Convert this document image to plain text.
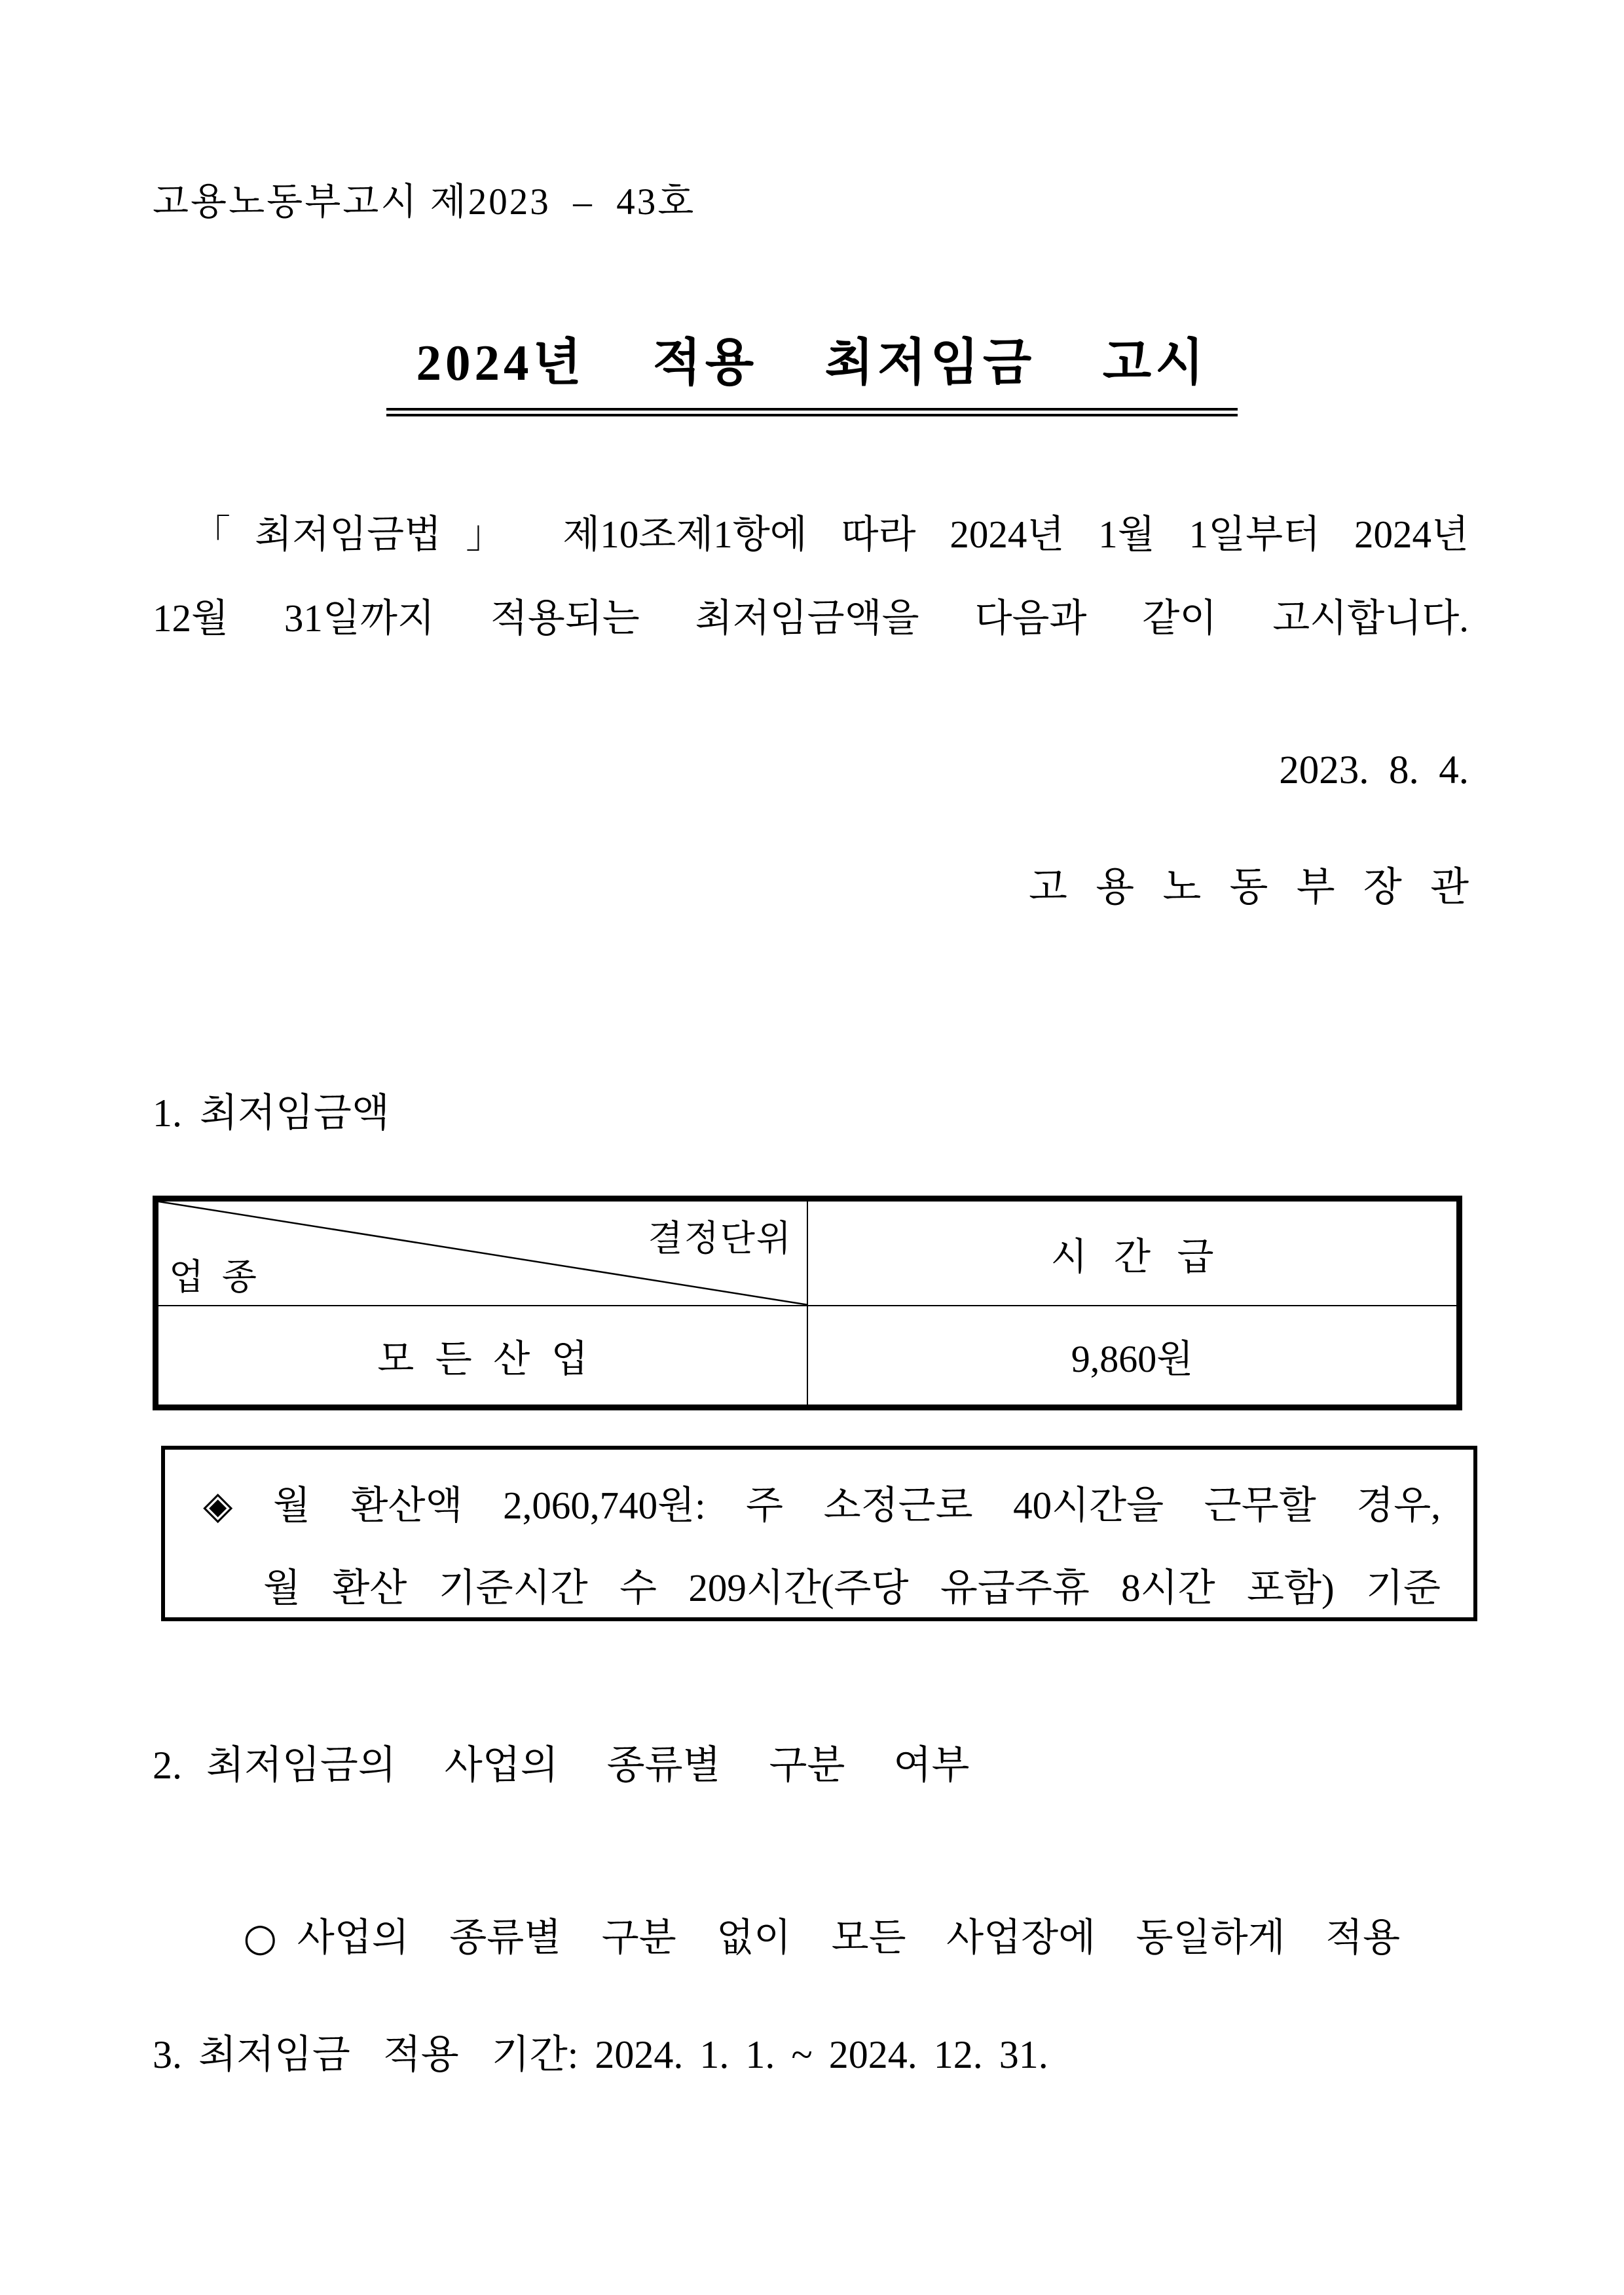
고용노동부고시 제2023  –  43호
2024년  적용  최저임금  고시
「최저임금법」 제10조제1항에 따라 2024년 1월 1일부터 2024년
12월 31일까지 적용되는 최저임금액을 다음과 같이 고시합니다.
2023.  8.  4.
고 용 노 동 부 장 관
1. 최저임금액
결정단위
업 종	시 간 급
모 든 산 업	9,860원
◈ 월 환산액 2,060,740원: 주 소정근로 40시간을 근무할 경우,
월 환산 기준시간 수 209시간(주당 유급주휴 8시간 포함) 기준
2. 최저임금의  사업의  종류별  구분  여부

○ 사업의  종류별  구분  없이  모든  사업장에  동일하게  적용

3. 최저임금  적용  기간: 2024. 1. 1. ~ 2024. 12. 31.
